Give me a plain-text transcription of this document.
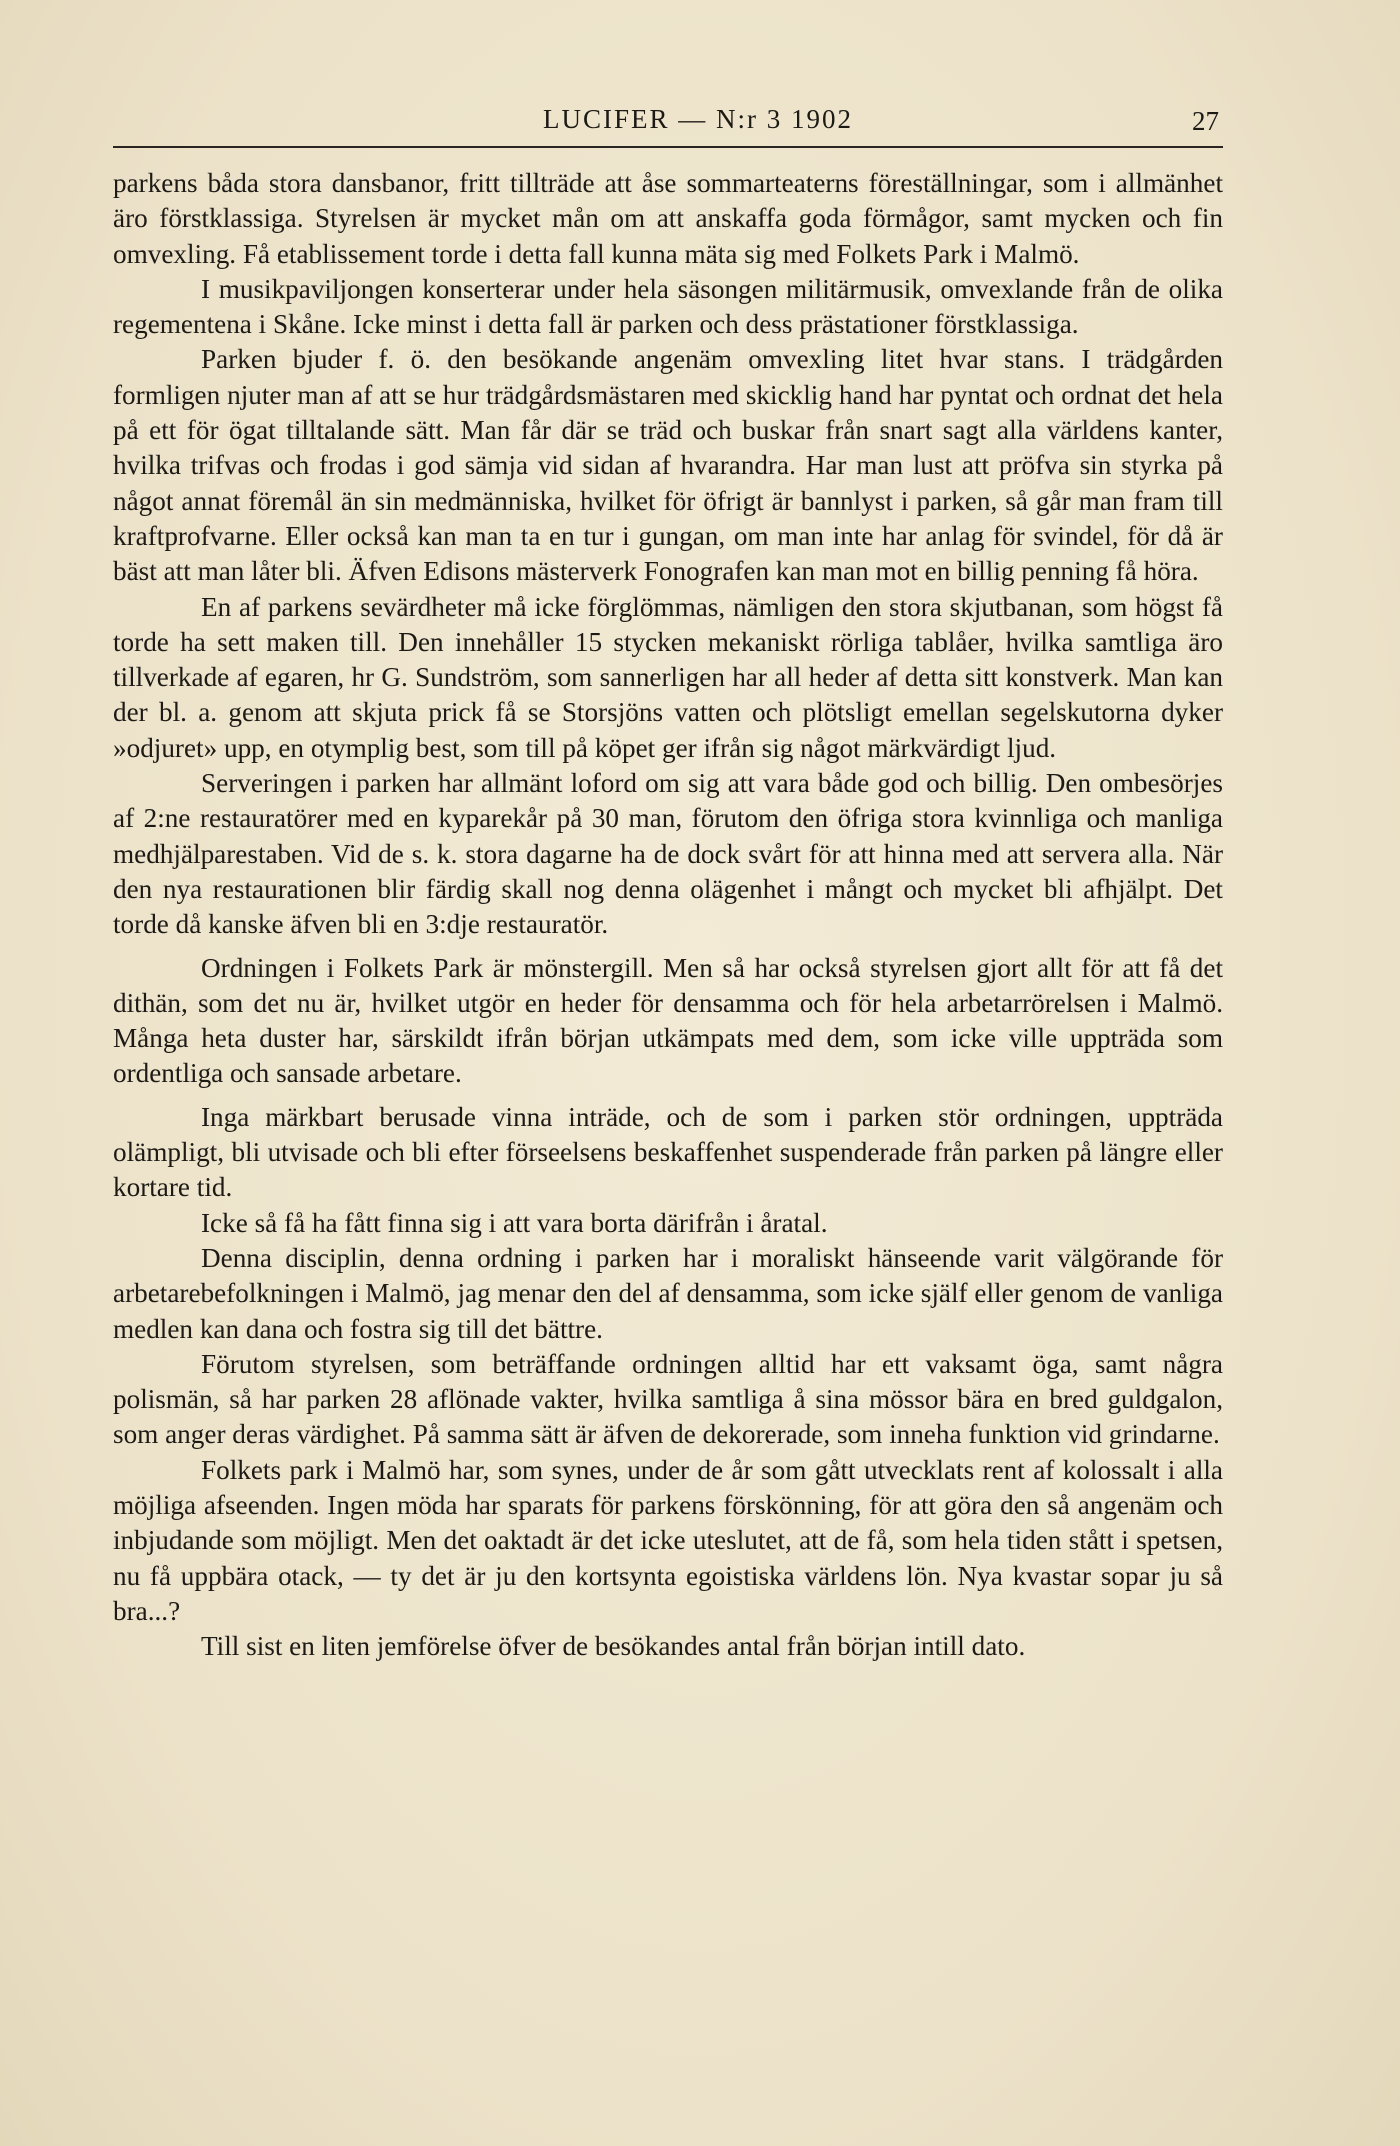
LUCIFER — N:r 3 1902	27

parkens båda stora dansbanor, fritt tillträde att åse sommarteaterns föreställningar, som i allmänhet äro förstklassiga. Styrelsen är mycket mån om att anskaffa goda förmågor, samt mycken och fin omvexling. Få etablissement torde i detta fall kunna mäta sig med Folkets Park i Malmö.

I musikpaviljongen konserterar under hela säsongen militärmusik, omvexlande från de olika regementena i Skåne. Icke minst i detta fall är parken och dess prästationer förstklassiga.

Parken bjuder f. ö. den besökande angenäm omvexling litet hvar stans. I trädgården formligen njuter man af att se hur trädgårdsmästaren med skicklig hand har pyntat och ordnat det hela på ett för ögat tilltalande sätt. Man får där se träd och buskar från snart sagt alla världens kanter, hvilka trifvas och frodas i god sämja vid sidan af hvarandra. Har man lust att pröfva sin styrka på något annat föremål än sin medmänniska, hvilket för öfrigt är bannlyst i parken, så går man fram till kraftprofvarne. Eller också kan man ta en tur i gungan, om man inte har anlag för svindel, för då är bäst att man låter bli. Äfven Edisons mästerverk Fonografen kan man mot en billig penning få höra.

En af parkens sevärdheter må icke förglömmas, nämligen den stora skjutbanan, som högst få torde ha sett maken till. Den innehåller 15 stycken mekaniskt rörliga tablåer, hvilka samtliga äro tillverkade af egaren, hr G. Sundström, som sannerligen har all heder af detta sitt konstverk. Man kan der bl. a. genom att skjuta prick få se Storsjöns vatten och plötsligt emellan segelskutorna dyker »odjuret» upp, en otymplig best, som till på köpet ger ifrån sig något märkvärdigt ljud.

Serveringen i parken har allmänt loford om sig att vara både god och billig. Den ombesörjes af 2:ne restauratörer med en kyparekår på 30 man, förutom den öfriga stora kvinnliga och manliga medhjälparestaben. Vid de s. k. stora dagarne ha de dock svårt för att hinna med att servera alla. När den nya restaurationen blir färdig skall nog denna olägenhet i mångt och mycket bli afhjälpt. Det torde då kanske äfven bli en 3:dje restauratör.

Ordningen i Folkets Park är mönstergill. Men så har också styrelsen gjort allt för att få det dithän, som det nu är, hvilket utgör en heder för densamma och för hela arbetarrörelsen i Malmö. Många heta duster har, särskildt ifrån början utkämpats med dem, som icke ville uppträda som ordentliga och sansade arbetare.

Inga märkbart berusade vinna inträde, och de som i parken stör ordningen, uppträda olämpligt, bli utvisade och bli efter förseelsens beskaffenhet suspenderade från parken på längre eller kortare tid.

Icke så få ha fått finna sig i att vara borta därifrån i åratal.

Denna disciplin, denna ordning i parken har i moraliskt hänseende varit välgörande för arbetarebefolkningen i Malmö, jag menar den del af densamma, som icke själf eller genom de vanliga medlen kan dana och fostra sig till det bättre.

Förutom styrelsen, som beträffande ordningen alltid har ett vaksamt öga, samt några polismän, så har parken 28 aflönade vakter, hvilka samtliga å sina mössor bära en bred guldgalon, som anger deras värdighet. På samma sätt är äfven de dekorerade, som inneha funktion vid grindarne.

Folkets park i Malmö har, som synes, under de år som gått utvecklats rent af kolossalt i alla möjliga afseenden. Ingen möda har sparats för parkens förskönning, för att göra den så angenäm och inbjudande som möjligt. Men det oaktadt är det icke uteslutet, att de få, som hela tiden stått i spetsen, nu få uppbära otack, — ty det är ju den kortsynta egoistiska världens lön. Nya kvastar sopar ju så bra...?

Till sist en liten jemförelse öfver de besökandes antal från början intill dato.
